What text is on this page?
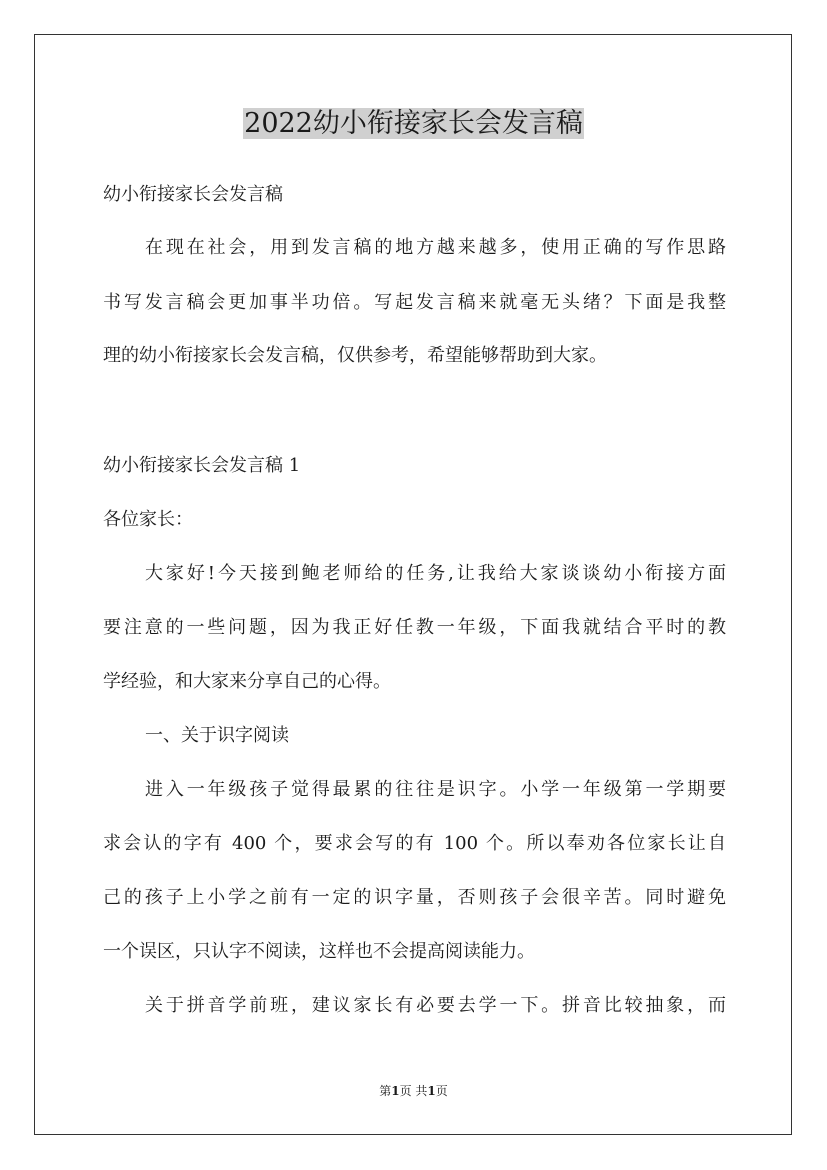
2022幼小衔接家长会发言稿

幼小衔接家长会发言稿

在现在社会，用到发言稿的地方越来越多，使用正确的写作思路

书写发言稿会更加事半功倍。写起发言稿来就毫无头绪？下面是我整

理的幼小衔接家长会发言稿，仅供参考，希望能够帮助到大家。

幼小衔接家长会发言稿 1

各位家长：

大家好!今天接到鲍老师给的任务,让我给大家谈谈幼小衔接方面

要注意的一些问题，因为我正好任教一年级，下面我就结合平时的教

学经验，和大家来分享自己的心得。

一、关于识字阅读

进入一年级孩子觉得最累的往往是识字。小学一年级第一学期要

求会认的字有 400 个，要求会写的有 100 个。所以奉劝各位家长让自

己的孩子上小学之前有一定的识字量，否则孩子会很辛苦。同时避免

一个误区，只认字不阅读，这样也不会提高阅读能力。

关于拼音学前班，建议家长有必要去学一下。拼音比较抽象，而

第1页 共1页
